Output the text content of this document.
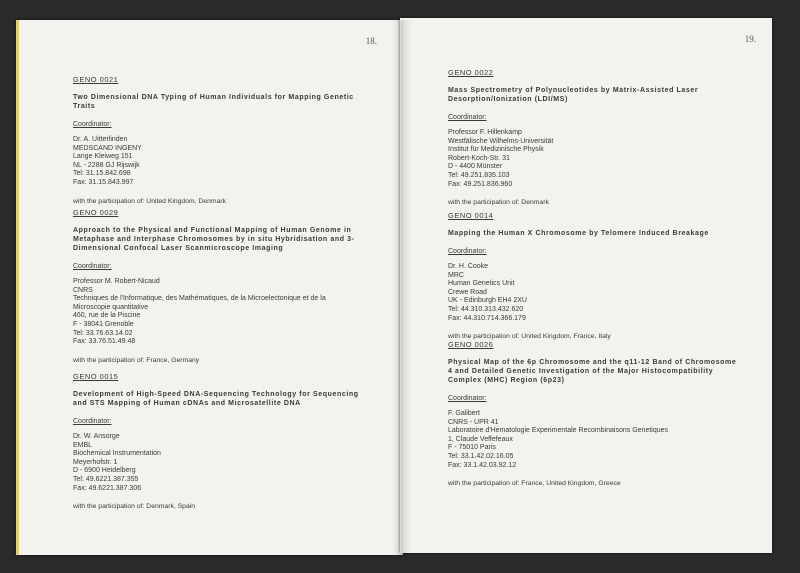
18.
GENO 0021
Two Dimensional DNA Typing of Human Individuals for Mapping Genetic
Traits
Coordinator:
Dr. A. Uitterlinden
MEDSCAND INGENY
Lange Kleiweg 151
NL - 2288 GJ Rijswijk
Tel: 31.15.842.698
Fax: 31.15.843.997
with the participation of: United Kingdom, Denmark
GENO 0029
Approach to the Physical and Functional Mapping of Human Genome in
Metaphase and Interphase Chromosomes by in situ Hybridisation and 3-
Dimensional Confocal Laser Scanmicroscope Imaging
Coordinator:
Professor M. Robert-Nicaud
CNRS
Techniques de l'Informatique, des Mathématiques, de la Microelectonique et de la
Microscopie quantitative
460, rue de la Piscine
F - 38041 Grenoble
Tel: 33.76.63.14.02
Fax: 33.76.51.49.48
with the participation of: France, Germany
GENO 0015
Development of High-Speed DNA-Sequencing Technology for Sequencing
and STS Mapping of Human cDNAs and Microsatellite DNA
Coordinator:
Dr. W. Ansorge
EMBL
Biochemical Instrumentation
Meyerhofstr. 1
D - 6900 Heidelberg
Tel: 49.6221.387.355
Fax: 49.6221.387.306
with the participation of: Denmark, Spain
19.
GENO 0022
Mass Spectrometry of Polynucleotides by Matrix-Assisted Laser
Desorption/Ionization (LDI/MS)
Coordinator:
Professor F. Hillenkamp
Westfälische Wilhelms-Universität
Institut für Medizinische Physik
Robert-Koch-Str. 31
D - 4400 Münster
Tel: 49.251.835.103
Fax: 49.251.836.960
with the participation of: Denmark
GENO 0014
Mapping the Human X Chromosome by Telomere Induced Breakage
Coordinator:
Dr. H. Cooke
MRC
Human Genetics Unit
Crewe Road
UK - Edinburgh EH4 2XU
Tel: 44.310.313.432.620
Fax: 44.310.714.366.179
with the participation of: United Kingdom, France, Italy
GENO 0026
Physical Map of the 6p Chromosome and the q11-12 Band of Chromosome
4 and Detailed Genetic Investigation of the Major Histocompatibility
Complex (MHC) Region (6p23)
Coordinator:
F. Galibert
CNRS - UPR 41
Laboratoire d'Hematologie Experimentale Recombinaisons Genetiques
1, Claude Veffefeaux
F - 75010 Paris
Tel: 33.1.42.02.16.05
Fax: 33.1.42.03.92.12
with the participation of: France, United Kingdom, Greece
